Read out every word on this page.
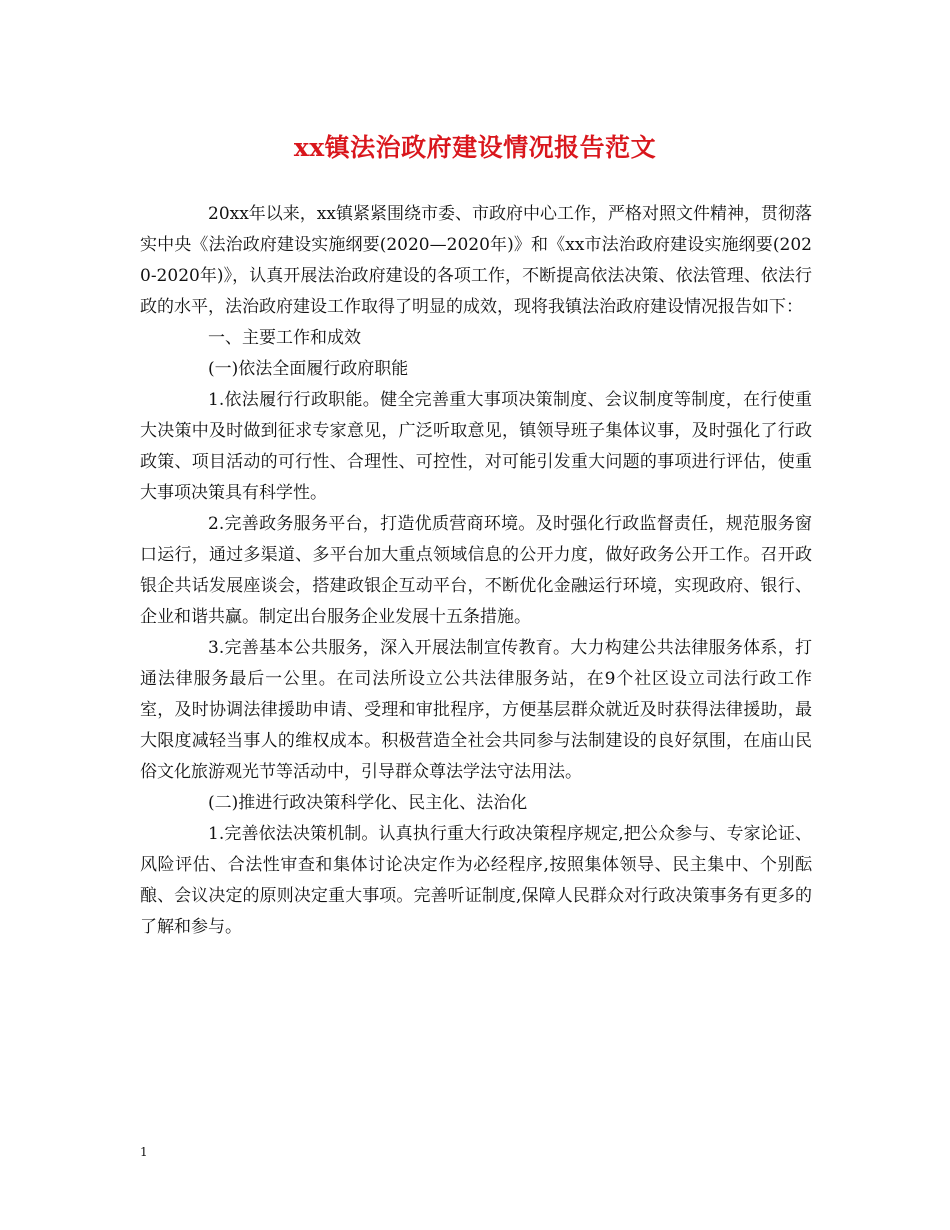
xx镇法治政府建设情况报告范文

20xx年以来，xx镇紧紧围绕市委、市政府中心工作，严格对照文件精神，贯彻落实中央《法治政府建设实施纲要(2020—2020年)》和《xx市法治政府建设实施纲要(2020-2020年)》，认真开展法治政府建设的各项工作，不断提高依法决策、依法管理、依法行政的水平，法治政府建设工作取得了明显的成效，现将我镇法治政府建设情况报告如下：

一、主要工作和成效

(一)依法全面履行政府职能

1.依法履行行政职能。健全完善重大事项决策制度、会议制度等制度，在行使重大决策中及时做到征求专家意见，广泛听取意见，镇领导班子集体议事，及时强化了行政政策、项目活动的可行性、合理性、可控性，对可能引发重大问题的事项进行评估，使重大事项决策具有科学性。

2.完善政务服务平台，打造优质营商环境。及时强化行政监督责任，规范服务窗口运行，通过多渠道、多平台加大重点领域信息的公开力度，做好政务公开工作。召开政银企共话发展座谈会，搭建政银企互动平台，不断优化金融运行环境，实现政府、银行、企业和谐共赢。制定出台服务企业发展十五条措施。

3.完善基本公共服务，深入开展法制宣传教育。大力构建公共法律服务体系，打通法律服务最后一公里。在司法所设立公共法律服务站，在9个社区设立司法行政工作室，及时协调法律援助申请、受理和审批程序，方便基层群众就近及时获得法律援助，最大限度减轻当事人的维权成本。积极营造全社会共同参与法制建设的良好氛围，在庙山民俗文化旅游观光节等活动中，引导群众尊法学法守法用法。

(二)推进行政决策科学化、民主化、法治化

1.完善依法决策机制。认真执行重大行政决策程序规定,把公众参与、专家论证、风险评估、合法性审查和集体讨论决定作为必经程序,按照集体领导、民主集中、个别酝酿、会议决定的原则决定重大事项。完善听证制度,保障人民群众对行政决策事务有更多的了解和参与。

1
